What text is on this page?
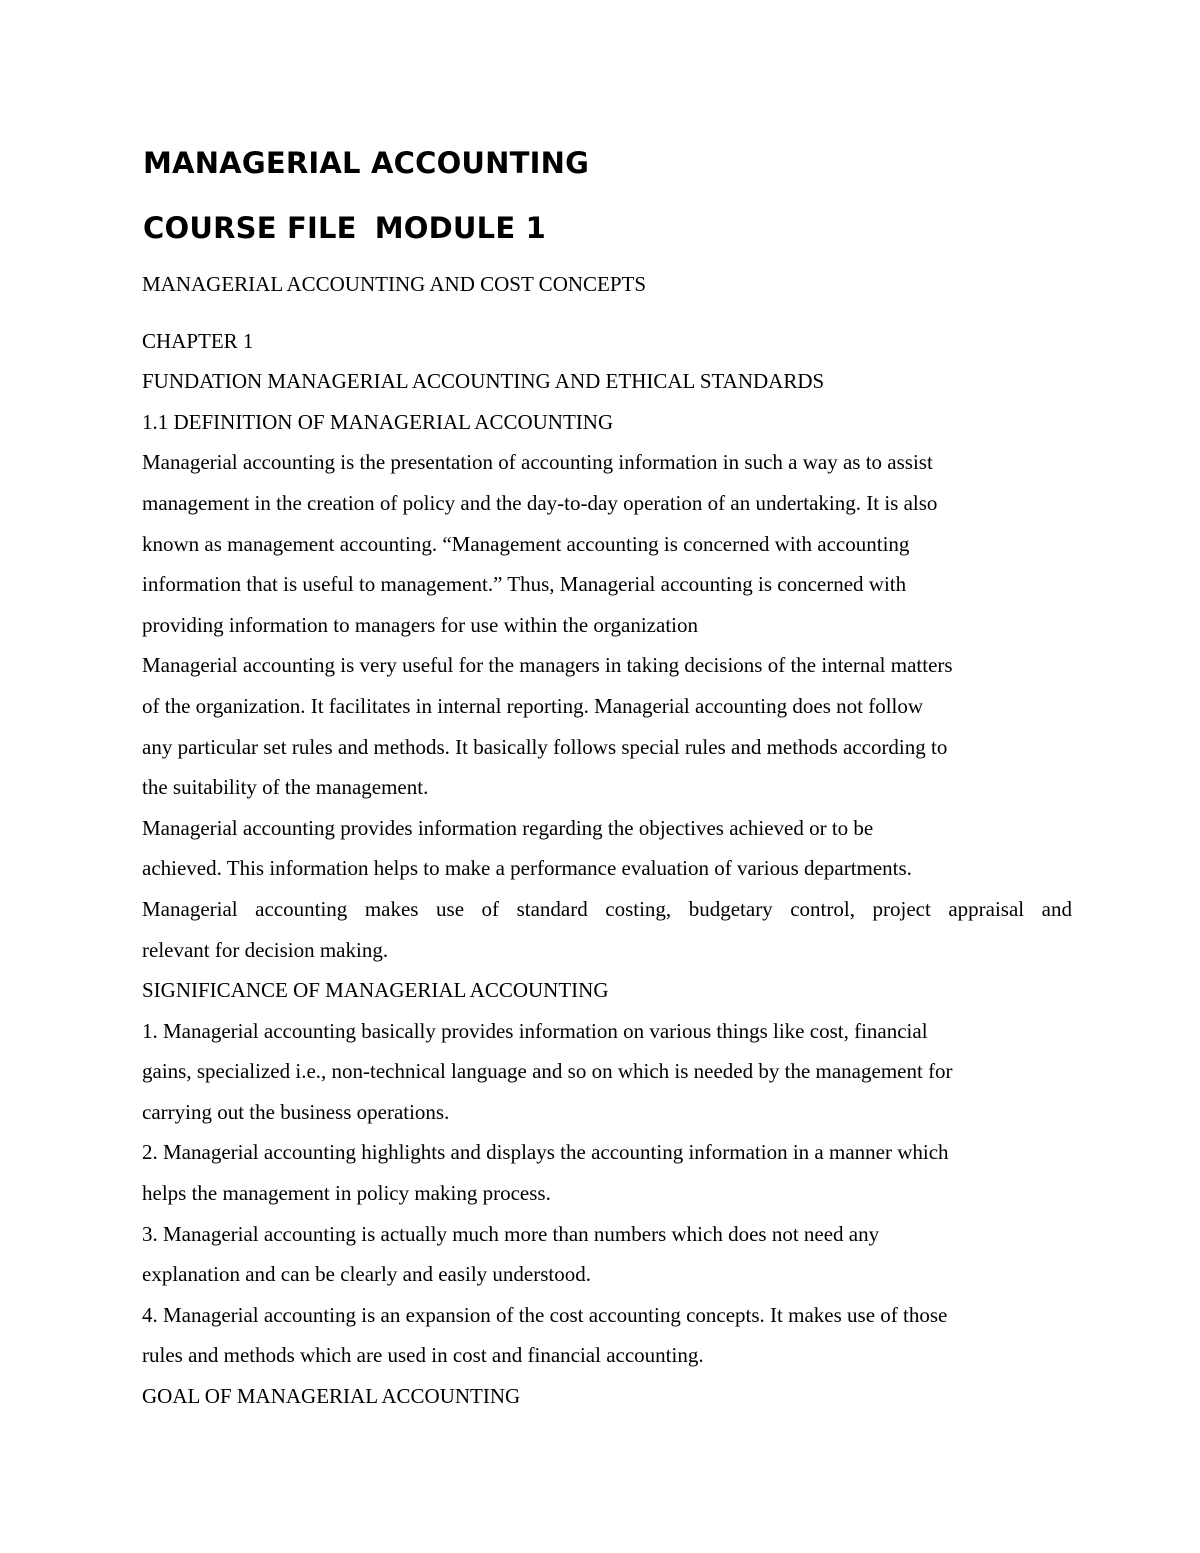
MANAGERIAL ACCOUNTING
COURSE FILE MODULE 1
MANAGERIAL ACCOUNTING AND COST CONCEPTS
CHAPTER 1
FUNDATION MANAGERIAL ACCOUNTING AND ETHICAL STANDARDS
1.1 DEFINITION OF MANAGERIAL ACCOUNTING
Managerial accounting is the presentation of accounting information in such a way as to assist
management in the creation of policy and the day-to-day operation of an undertaking. It is also
known as management accounting. “Management accounting is concerned with accounting
information that is useful to management.” Thus, Managerial accounting is concerned with
providing information to managers for use within the organization
Managerial accounting is very useful for the managers in taking decisions of the internal matters
of the organization. It facilitates in internal reporting. Managerial accounting does not follow
any particular set rules and methods. It basically follows special rules and methods according to
the suitability of the management.
Managerial accounting provides information regarding the objectives achieved or to be
achieved. This information helps to make a performance evaluation of various departments.
Managerial accounting makes use of standard costing, budgetary control, project appraisal and
relevant for decision making.
SIGNIFICANCE OF MANAGERIAL ACCOUNTING
1. Managerial accounting basically provides information on various things like cost, financial
gains, specialized i.e., non-technical language and so on which is needed by the management for
carrying out the business operations.
2. Managerial accounting highlights and displays the accounting information in a manner which
helps the management in policy making process.
3. Managerial accounting is actually much more than numbers which does not need any
explanation and can be clearly and easily understood.
4. Managerial accounting is an expansion of the cost accounting concepts. It makes use of those
rules and methods which are used in cost and financial accounting.
GOAL OF MANAGERIAL ACCOUNTING
